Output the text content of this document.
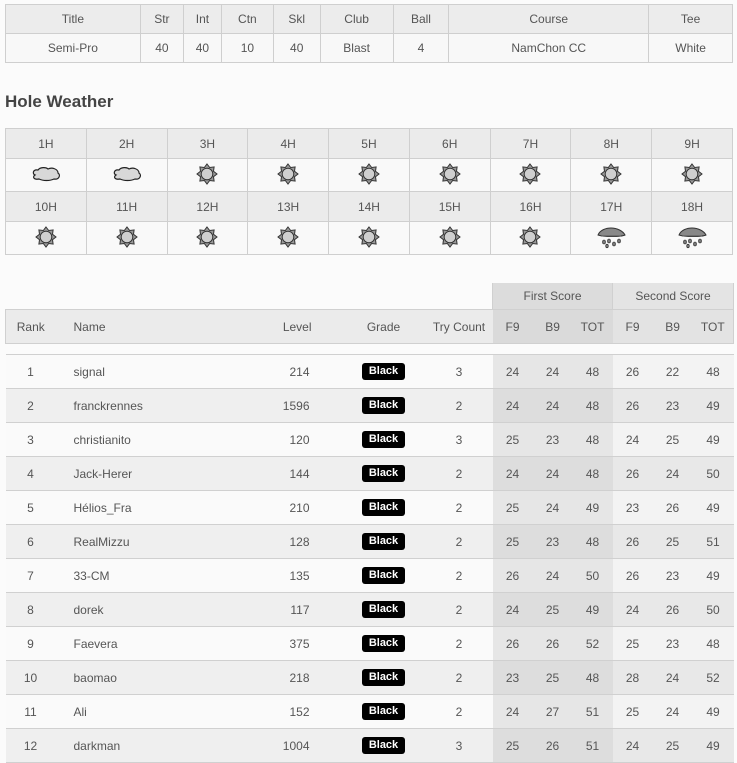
Title	Str	Int	Ctn	Skl	Club	Ball	Course	Tee
Semi-Pro	40	40	10	40	Blast	4	NamChon CC	White
Hole Weather
1H	2H	3H	4H	5H	6H	7H	8H	9H

10H	11H	12H	13H	14H	15H	16H	17H	18H

					First Score			Second Score		
Rank	Name	Level	Grade	Try Count	F9	B9	TOT	F9	B9	TOT

1	signal	214	Black	3	24	24	48	26	22	48
2	franckrennes	1596	Black	2	24	24	48	26	23	49
3	christianito	120	Black	3	25	23	48	24	25	49
4	Jack-Herer	144	Black	2	24	24	48	26	24	50
5	Hélios_Fra	210	Black	2	25	24	49	23	26	49
6	RealMizzu	128	Black	2	25	23	48	26	25	51
7	33-CM	135	Black	2	26	24	50	26	23	49
8	dorek	117	Black	2	24	25	49	24	26	50
9	Faevera	375	Black	2	26	26	52	25	23	48
10	baomao	218	Black	2	23	25	48	28	24	52
11	Ali	152	Black	2	24	27	51	25	24	49
12	darkman	1004	Black	3	25	26	51	24	25	49
